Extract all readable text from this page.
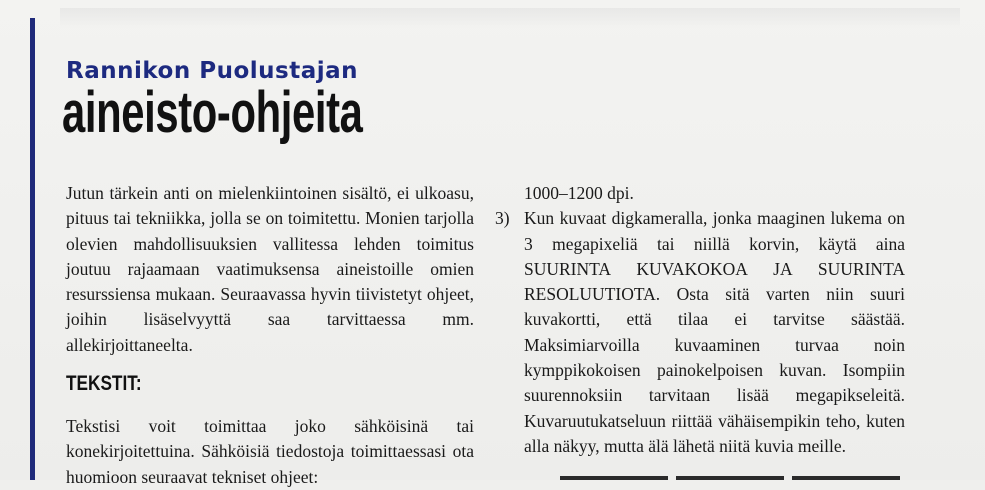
Rannikon Puolustajan
aineisto-ohjeita

Jutun tärkein anti on mielenkiintoinen sisältö, ei ulkoasu, pituus tai tekniikka, jolla se on toimitettu. Monien tarjolla olevien mahdollisuuksien vallitessa lehden toimitus joutuu rajaamaan vaatimuksensa aineistoille omien resurssiensa mukaan. Seuraavassa hyvin tiivistetyt ohjeet, joihin lisäselvyyttä saa tarvittaessa mm. allekirjoittaneelta.

TEKSTIT:

Tekstisi voit toimittaa joko sähköisinä tai konekirjoitettuina. Sähköisiä tiedostoja toimittaessasi ota huomioon seuraavat tekniset ohjeet:

1000–1200 dpi.

3) Kun kuvaat digkameralla, jonka maaginen lukema on 3 megapixeliä tai niillä korvin, käytä aina SUURINTA KUVAKOKOA JA SUURINTA RESOLUUTIOTA. Osta sitä varten niin suuri kuvakortti, että tilaa ei tarvitse säästää. Maksimiarvoilla kuvaaminen turvaa noin kymppikokoisen painokelpoisen kuvan. Isompiin suurennoksiin tarvitaan lisää megapikseleitä. Kuvaruutukatseluun riittää vähäisempikin teho, kuten alla näkyy, mutta älä lähetä niitä kuvia meille.
